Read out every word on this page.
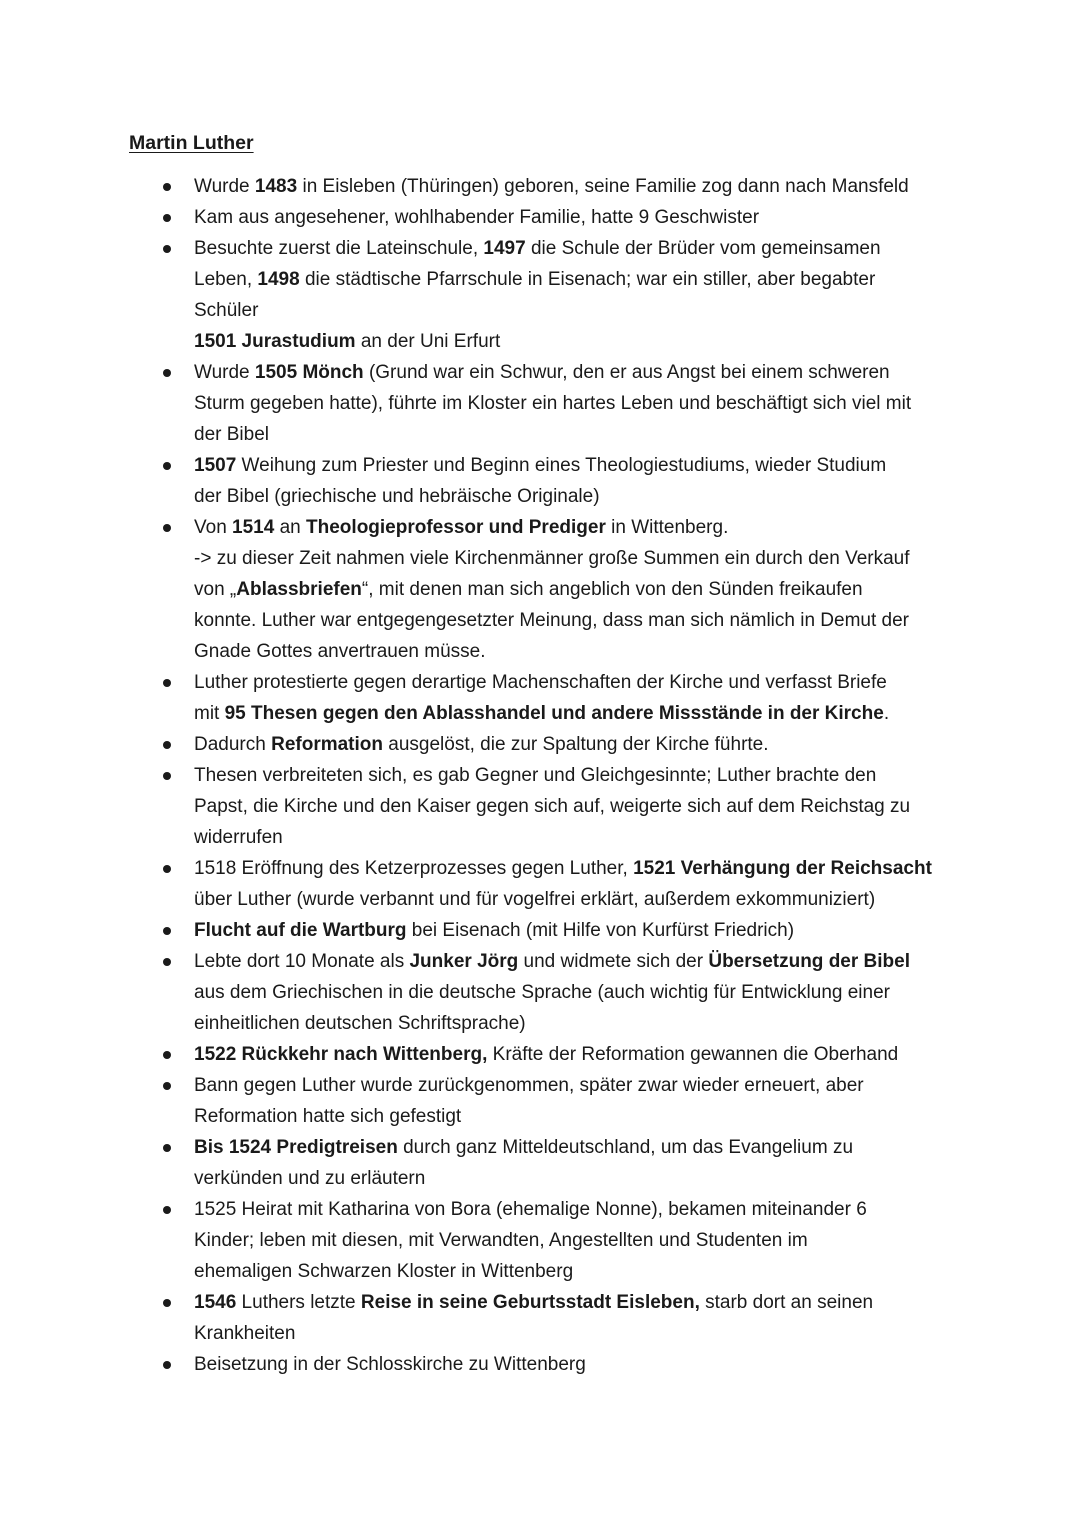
Martin Luther
Wurde 1483 in Eisleben (Thüringen) geboren, seine Familie zog dann nach Mansfeld
Kam aus angesehener, wohlhabender Familie, hatte 9 Geschwister
Besuchte zuerst die Lateinschule, 1497 die Schule der Brüder vom gemeinsamen
Leben, 1498 die städtische Pfarrschule in Eisenach; war ein stiller, aber begabter
Schüler
1501 Jurastudium an der Uni Erfurt
Wurde 1505 Mönch (Grund war ein Schwur, den er aus Angst bei einem schweren
Sturm gegeben hatte), führte im Kloster ein hartes Leben und beschäftigt sich viel mit
der Bibel
1507 Weihung zum Priester und Beginn eines Theologiestudiums, wieder Studium
der Bibel (griechische und hebräische Originale)
Von 1514 an Theologieprofessor und Prediger in Wittenberg.
-> zu dieser Zeit nahmen viele Kirchenmänner große Summen ein durch den Verkauf
von „Ablassbriefen“, mit denen man sich angeblich von den Sünden freikaufen
konnte. Luther war entgegengesetzter Meinung, dass man sich nämlich in Demut der
Gnade Gottes anvertrauen müsse.
Luther protestierte gegen derartige Machenschaften der Kirche und verfasst Briefe
mit 95 Thesen gegen den Ablasshandel und andere Missstände in der Kirche.
Dadurch Reformation ausgelöst, die zur Spaltung der Kirche führte.
Thesen verbreiteten sich, es gab Gegner und Gleichgesinnte; Luther brachte den
Papst, die Kirche und den Kaiser gegen sich auf, weigerte sich auf dem Reichstag zu
widerrufen
1518 Eröffnung des Ketzerprozesses gegen Luther, 1521 Verhängung der Reichsacht
über Luther (wurde verbannt und für vogelfrei erklärt, außerdem exkommuniziert)
Flucht auf die Wartburg bei Eisenach (mit Hilfe von Kurfürst Friedrich)
Lebte dort 10 Monate als Junker Jörg und widmete sich der Übersetzung der Bibel
aus dem Griechischen in die deutsche Sprache (auch wichtig für Entwicklung einer
einheitlichen deutschen Schriftsprache)
1522 Rückkehr nach Wittenberg, Kräfte der Reformation gewannen die Oberhand
Bann gegen Luther wurde zurückgenommen, später zwar wieder erneuert, aber
Reformation hatte sich gefestigt
Bis 1524 Predigtreisen durch ganz Mitteldeutschland, um das Evangelium zu
verkünden und zu erläutern
1525 Heirat mit Katharina von Bora (ehemalige Nonne), bekamen miteinander 6
Kinder; leben mit diesen, mit Verwandten, Angestellten und Studenten im
ehemaligen Schwarzen Kloster in Wittenberg
1546 Luthers letzte Reise in seine Geburtsstadt Eisleben, starb dort an seinen
Krankheiten
Beisetzung in der Schlosskirche zu Wittenberg
